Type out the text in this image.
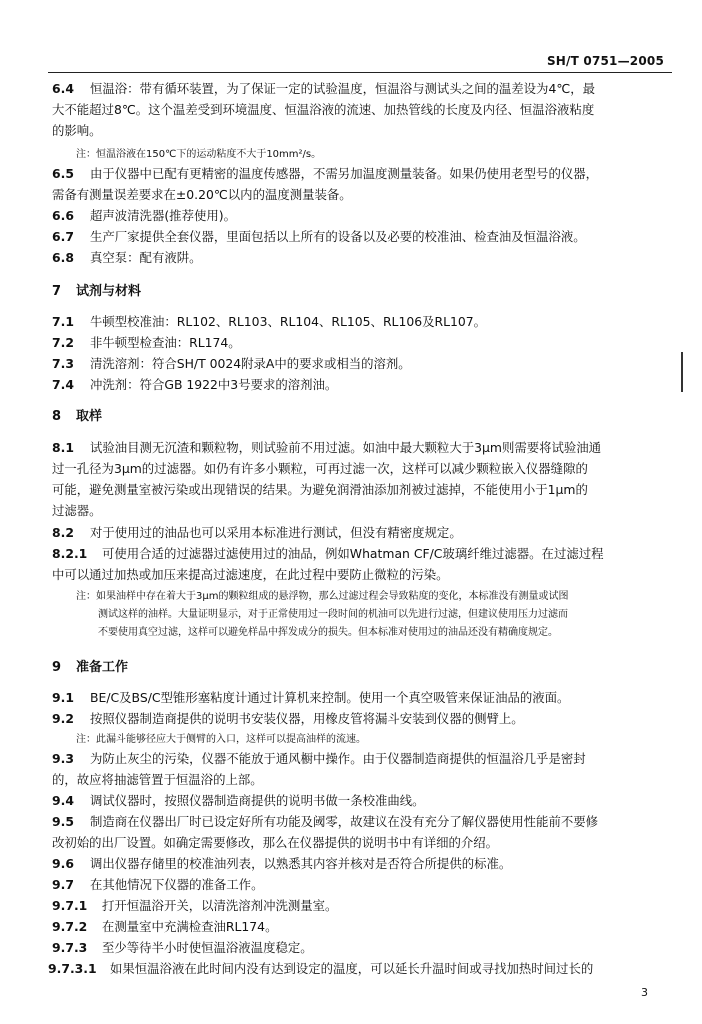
SH/T 0751—2005
6.4 恒温浴：带有循环装置，为了保证一定的试验温度，恒温浴与测试头之间的温差设为4℃，最
大不能超过8℃。这个温差受到环境温度、恒温浴液的流速、加热管线的长度及内径、恒温浴液粘度
的影响。
注：恒温浴液在150℃下的运动粘度不大于10mm²/s。
6.5 由于仪器中已配有更精密的温度传感器，不需另加温度测量装备。如果仍使用老型号的仪器，
需备有测量误差要求在±0.20℃以内的温度测量装备。
6.6 超声波清洗器(推荐使用)。
6.7 生产厂家提供全套仪器，里面包括以上所有的设备以及必要的校准油、检查油及恒温浴液。
6.8 真空泵：配有液阱。
7 试剂与材料
7.1 牛顿型校准油：RL102、RL103、RL104、RL105、RL106及RL107。
7.2 非牛顿型检查油：RL174。
7.3 清洗溶剂：符合SH/T 0024附录A中的要求或相当的溶剂。
7.4 冲洗剂：符合GB 1922中3号要求的溶剂油。
8 取样
8.1 试验油目测无沉渣和颗粒物，则试验前不用过滤。如油中最大颗粒大于3μm则需要将试验油通
过一孔径为3μm的过滤器。如仍有许多小颗粒，可再过滤一次，这样可以减少颗粒嵌入仪器缝隙的
可能，避免测量室被污染或出现错误的结果。为避免润滑油添加剂被过滤掉，不能使用小于1μm的
过滤器。
8.2 对于使用过的油品也可以采用本标准进行测试，但没有精密度规定。
8.2.1 可使用合适的过滤器过滤使用过的油品，例如Whatman CF/C玻璃纤维过滤器。在过滤过程
中可以通过加热或加压来提高过滤速度，在此过程中要防止微粒的污染。
注：如果油样中存在着大于3μm的颗粒组成的悬浮物，那么过滤过程会导致粘度的变化，本标准没有测量或试图
测试这样的油样。大量证明显示，对于正常使用过一段时间的机油可以先进行过滤，但建议使用压力过滤而
不要使用真空过滤，这样可以避免样品中挥发成分的损失。但本标准对使用过的油品还没有精确度规定。
9 准备工作
9.1 BE/C及BS/C型锥形塞粘度计通过计算机来控制。使用一个真空吸管来保证油品的液面。
9.2 按照仪器制造商提供的说明书安装仪器，用橡皮管将漏斗安装到仪器的侧臂上。
注：此漏斗能够径应大于侧臂的入口，这样可以提高油样的流速。
9.3 为防止灰尘的污染，仪器不能放于通风橱中操作。由于仪器制造商提供的恒温浴几乎是密封
的，故应将抽滤管置于恒温浴的上部。
9.4 调试仪器时，按照仪器制造商提供的说明书做一条校准曲线。
9.5 制造商在仪器出厂时已设定好所有功能及阈零，故建议在没有充分了解仪器使用性能前不要修
改初始的出厂设置。如确定需要修改，那么在仪器提供的说明书中有详细的介绍。
9.6 调出仪器存储里的校准油列表，以熟悉其内容并核对是否符合所提供的标准。
9.7 在其他情况下仪器的准备工作。
9.7.1 打开恒温浴开关，以清洗溶剂冲洗测量室。
9.7.2 在测量室中充满检查油RL174。
9.7.3 至少等待半小时使恒温浴液温度稳定。
9.7.3.1 如果恒温浴液在此时间内没有达到设定的温度，可以延长升温时间或寻找加热时间过长的
3
